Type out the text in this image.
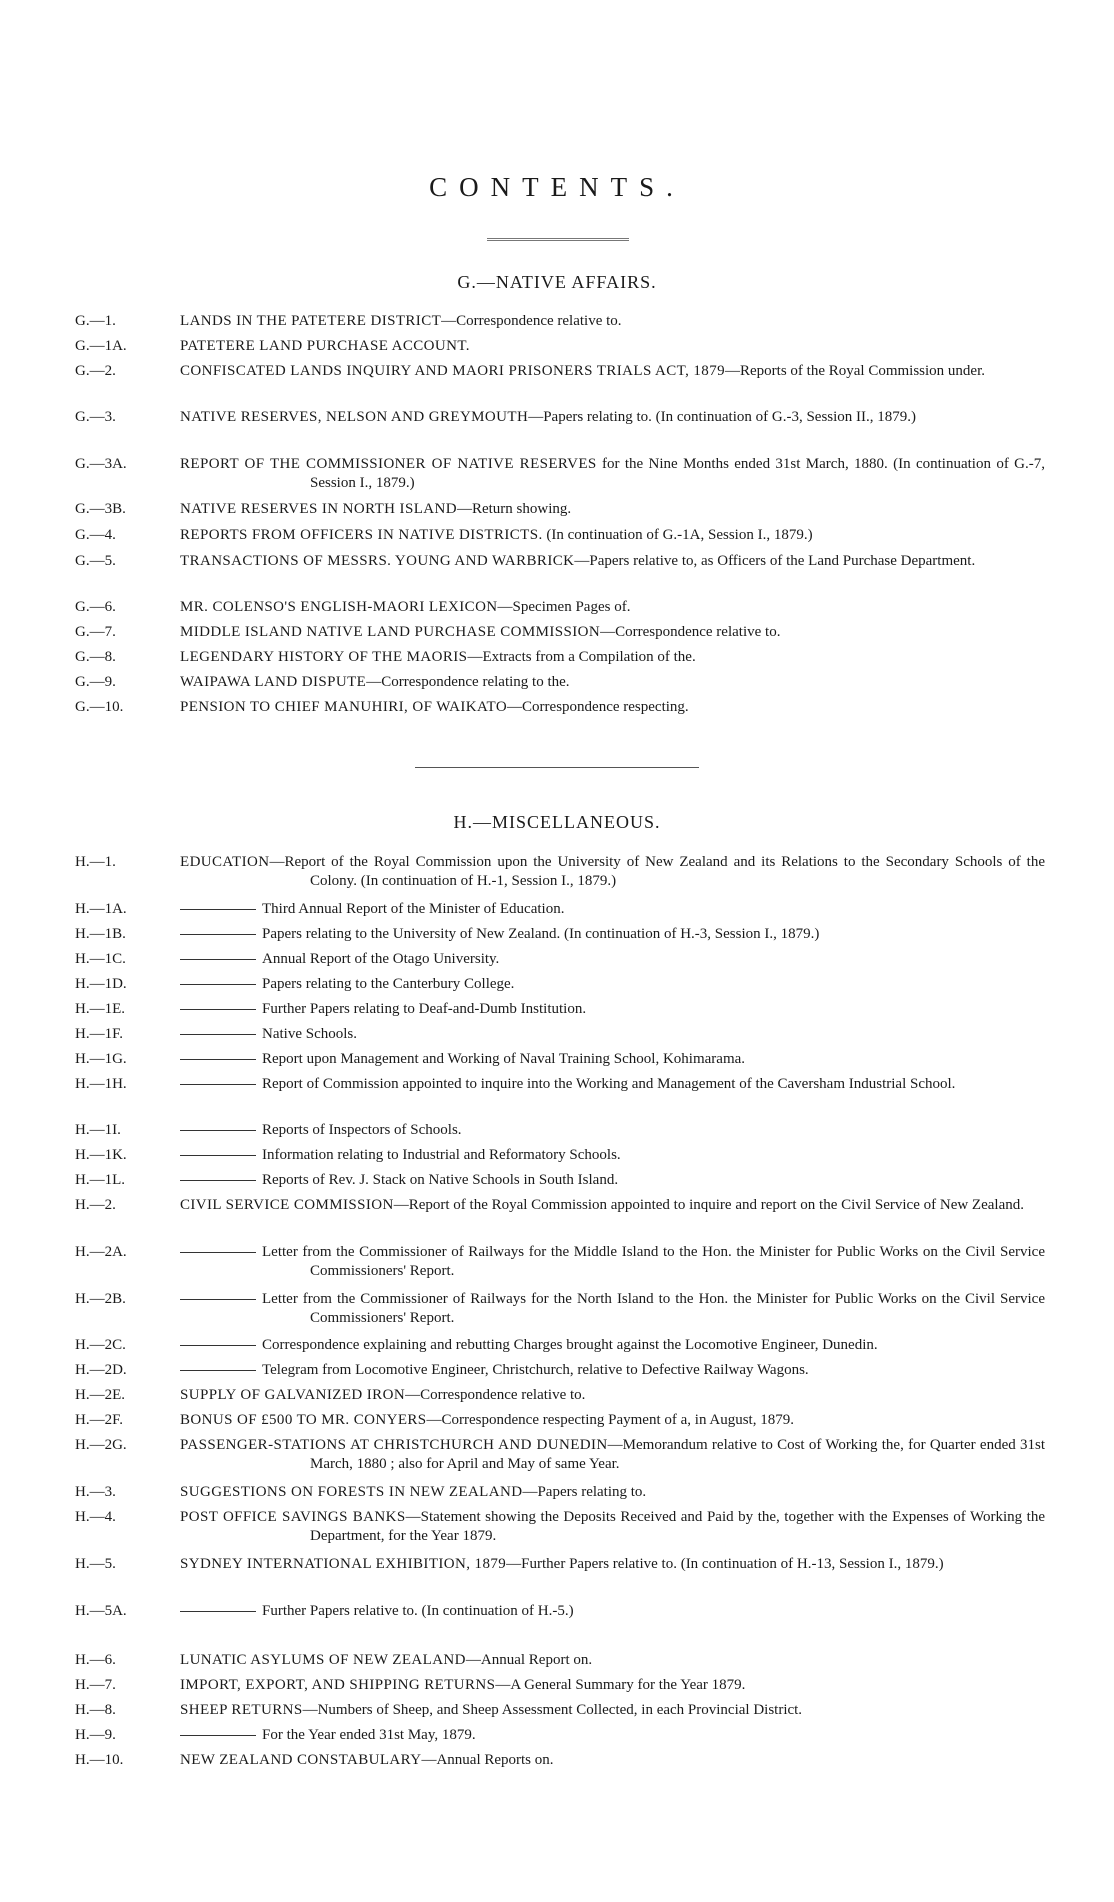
CONTENTS.
G.—NATIVE AFFAIRS.
G.—1.	LANDS IN THE PATETERE DISTRICT—Correspondence relative to.
G.—1A.	PATETERE LAND PURCHASE ACCOUNT.
G.—2.	CONFISCATED LANDS INQUIRY AND MAORI PRISONERS TRIALS ACT, 1879—Reports of the Royal Commission under.
G.—3.	NATIVE RESERVES, NELSON AND GREYMOUTH—Papers relating to. (In continuation of G.-3, Session II., 1879.)
G.—3A.	REPORT OF THE COMMISSIONER OF NATIVE RESERVES for the Nine Months ended 31st March, 1880. (In continuation of G.-7, Session I., 1879.)
G.—3B.	NATIVE RESERVES IN NORTH ISLAND—Return showing.
G.—4.	REPORTS FROM OFFICERS IN NATIVE DISTRICTS. (In continuation of G.-1A, Session I., 1879.)
G.—5.	TRANSACTIONS OF MESSRS. YOUNG AND WARBRICK—Papers relative to, as Officers of the Land Purchase Department.
G.—6.	MR. COLENSO'S ENGLISH-MAORI LEXICON—Specimen Pages of.
G.—7.	MIDDLE ISLAND NATIVE LAND PURCHASE COMMISSION—Correspondence relative to.
G.—8.	LEGENDARY HISTORY OF THE MAORIS—Extracts from a Compilation of the.
G.—9.	WAIPAWA LAND DISPUTE—Correspondence relating to the.
G.—10.	PENSION TO CHIEF MANUHIRI, OF WAIKATO—Correspondence respecting.
H.—MISCELLANEOUS.
H.—1.	EDUCATION—Report of the Royal Commission upon the University of New Zealand and its Relations to the Secondary Schools of the Colony. (In continuation of H.-1, Session I., 1879.)
H.—1A.	Third Annual Report of the Minister of Education.
H.—1B.	Papers relating to the University of New Zealand. (In continuation of H.-3, Session I., 1879.)
H.—1C.	Annual Report of the Otago University.
H.—1D.	Papers relating to the Canterbury College.
H.—1E.	Further Papers relating to Deaf-and-Dumb Institution.
H.—1F.	Native Schools.
H.—1G.	Report upon Management and Working of Naval Training School, Kohimarama.
H.—1H.	Report of Commission appointed to inquire into the Working and Management of the Caversham Industrial School.
H.—1I.	Reports of Inspectors of Schools.
H.—1K.	Information relating to Industrial and Reformatory Schools.
H.—1L.	Reports of Rev. J. Stack on Native Schools in South Island.
H.—2.	CIVIL SERVICE COMMISSION—Report of the Royal Commission appointed to inquire and report on the Civil Service of New Zealand.
H.—2A.	Letter from the Commissioner of Railways for the Middle Island to the Hon. the Minister for Public Works on the Civil Service Commissioners' Report.
H.—2B.	Letter from the Commissioner of Railways for the North Island to the Hon. the Minister for Public Works on the Civil Service Commissioners' Report.
H.—2C.	Correspondence explaining and rebutting Charges brought against the Locomotive Engineer, Dunedin.
H.—2D.	Telegram from Locomotive Engineer, Christchurch, relative to Defective Railway Wagons.
H.—2E.	SUPPLY OF GALVANIZED IRON—Correspondence relative to.
H.—2F.	BONUS OF £500 TO MR. CONYERS—Correspondence respecting Payment of a, in August, 1879.
H.—2G.	PASSENGER-STATIONS AT CHRISTCHURCH AND DUNEDIN—Memorandum relative to Cost of Working the, for Quarter ended 31st March, 1880 ; also for April and May of same Year.
H.—3.	SUGGESTIONS ON FORESTS IN NEW ZEALAND—Papers relating to.
H.—4.	POST OFFICE SAVINGS BANKS—Statement showing the Deposits Received and Paid by the, together with the Expenses of Working the Department, for the Year 1879.
H.—5.	SYDNEY INTERNATIONAL EXHIBITION, 1879—Further Papers relative to. (In continuation of H.-13, Session I., 1879.)
H.—5A.	Further Papers relative to. (In continuation of H.-5.)
H.—6.	LUNATIC ASYLUMS OF NEW ZEALAND—Annual Report on.
H.—7.	IMPORT, EXPORT, AND SHIPPING RETURNS—A General Summary for the Year 1879.
H.—8.	SHEEP RETURNS—Numbers of Sheep, and Sheep Assessment Collected, in each Provincial District.
H.—9.	For the Year ended 31st May, 1879.
H.—10.	NEW ZEALAND CONSTABULARY—Annual Reports on.
